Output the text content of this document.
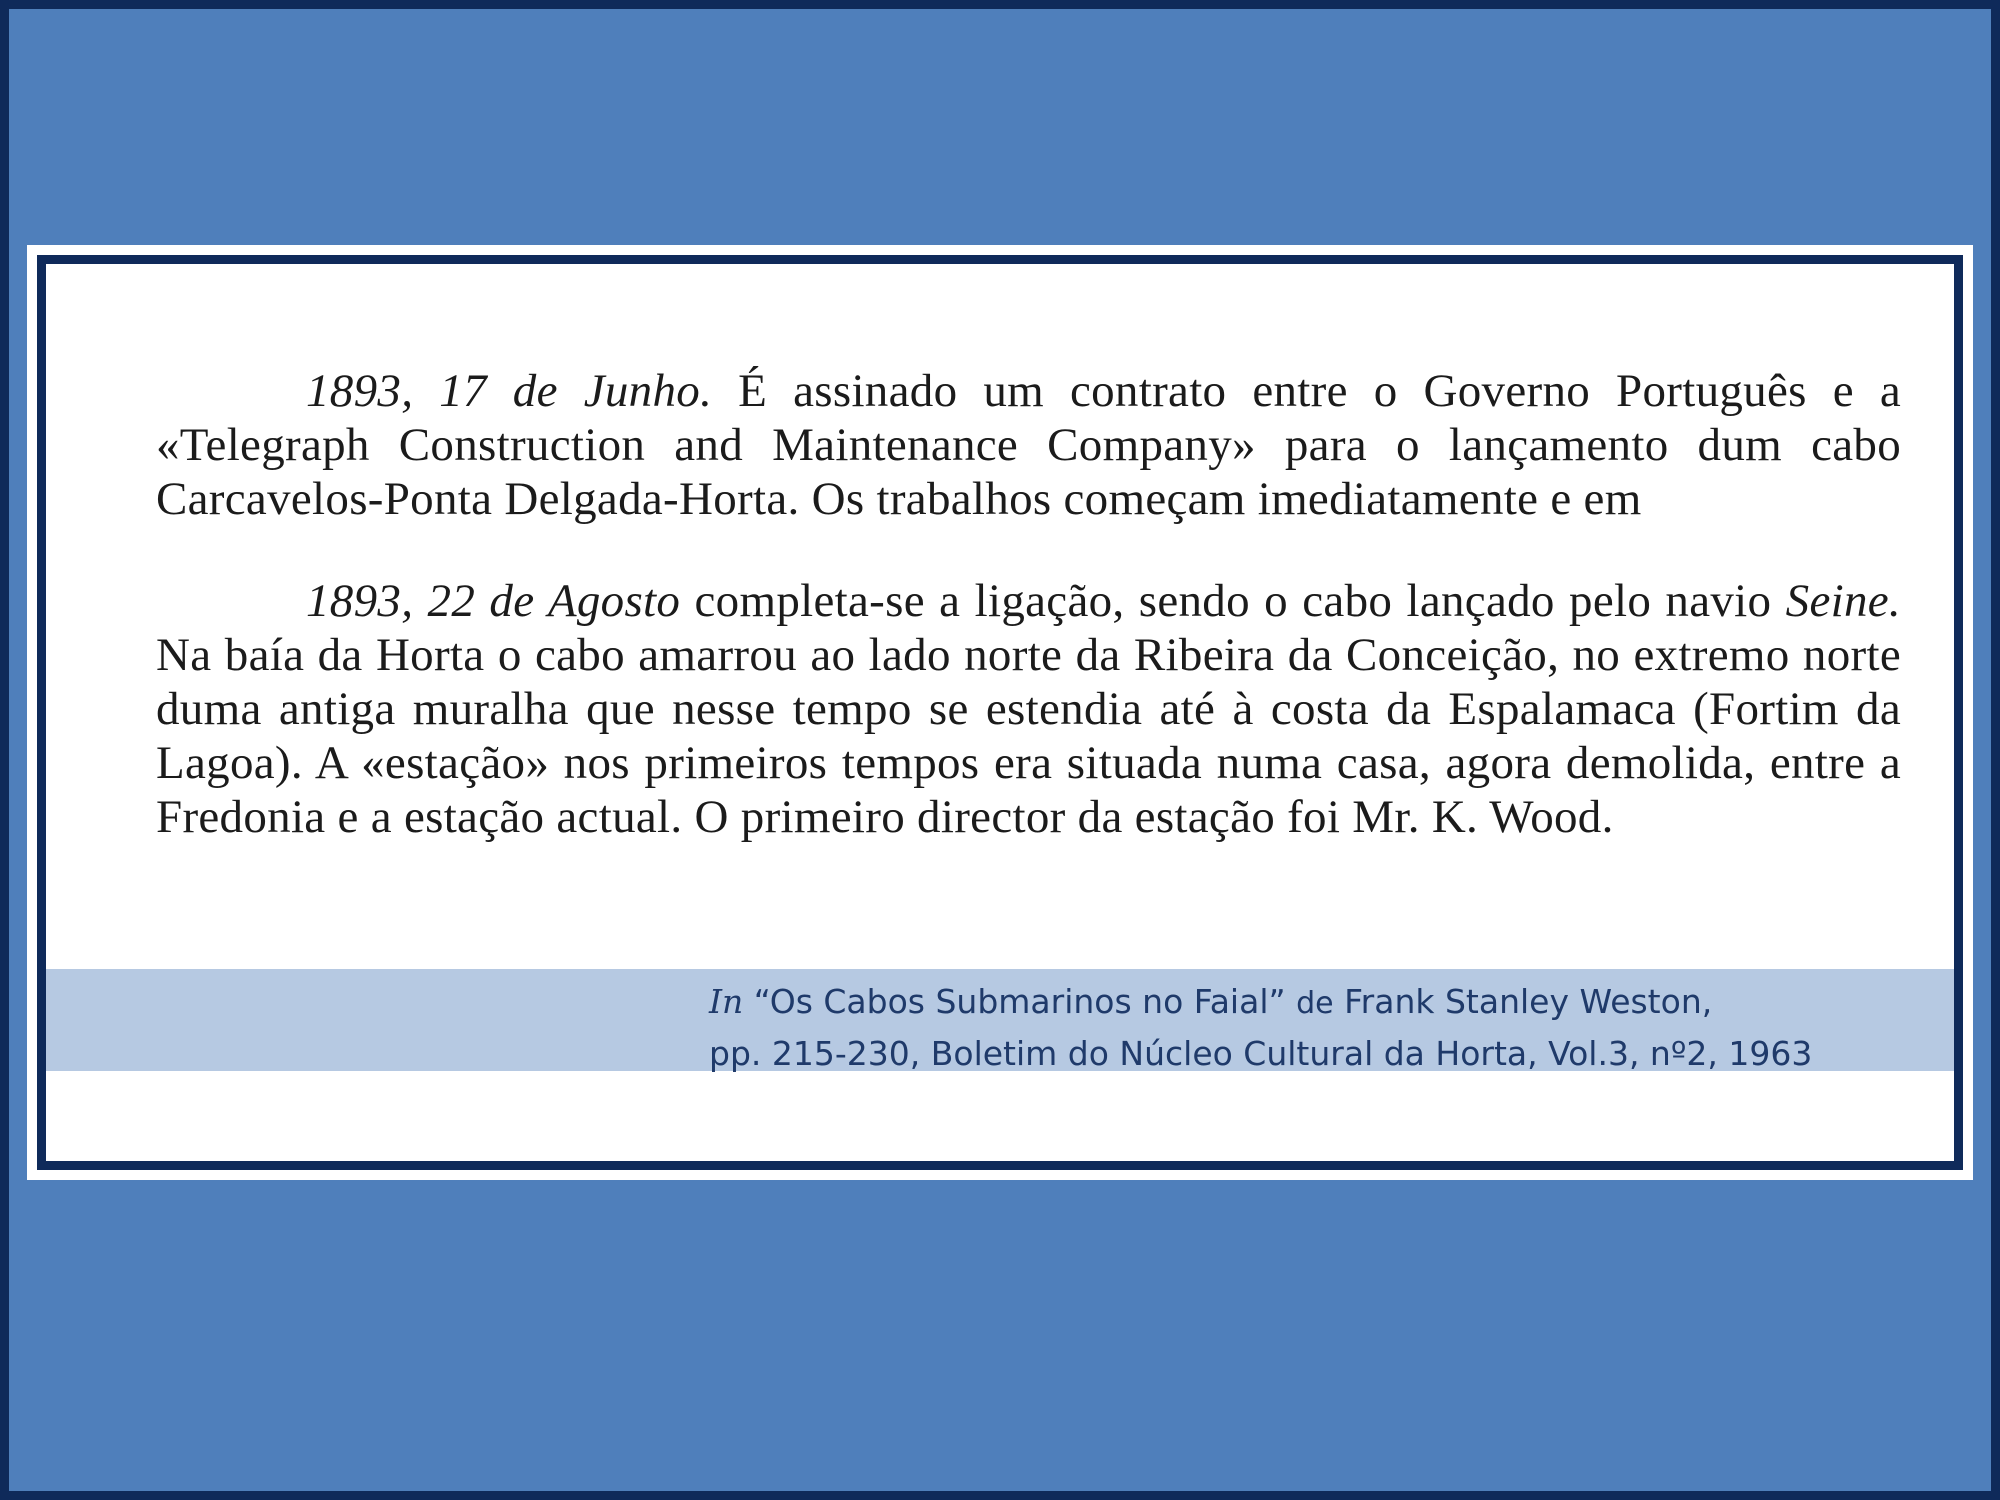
1893, 17 de Junho. É assinado um contrato entre o Governo Português e a «Telegraph Construction and Maintenance Company» para o lançamento dum cabo Carcavelos-Ponta Delgada-Horta. Os trabalhos começam imediatamente e em

1893, 22 de Agosto completa-se a ligação, sendo o cabo lançado pelo navio Seine. Na baía da Horta o cabo amarrou ao lado norte da Ribeira da Conceição, no extremo norte duma antiga muralha que nesse tempo se estendia até à costa da Espalamaca (Fortim da Lagoa). A «estação» nos primeiros tempos era situada numa casa, agora demolida, entre a Fredonia e a estação actual. O primeiro director da estação foi Mr. K. Wood.

In “Os Cabos Submarinos no Faial” de Frank Stanley Weston,
pp. 215-230, Boletim do Núcleo Cultural da Horta, Vol.3, nº2, 1963
